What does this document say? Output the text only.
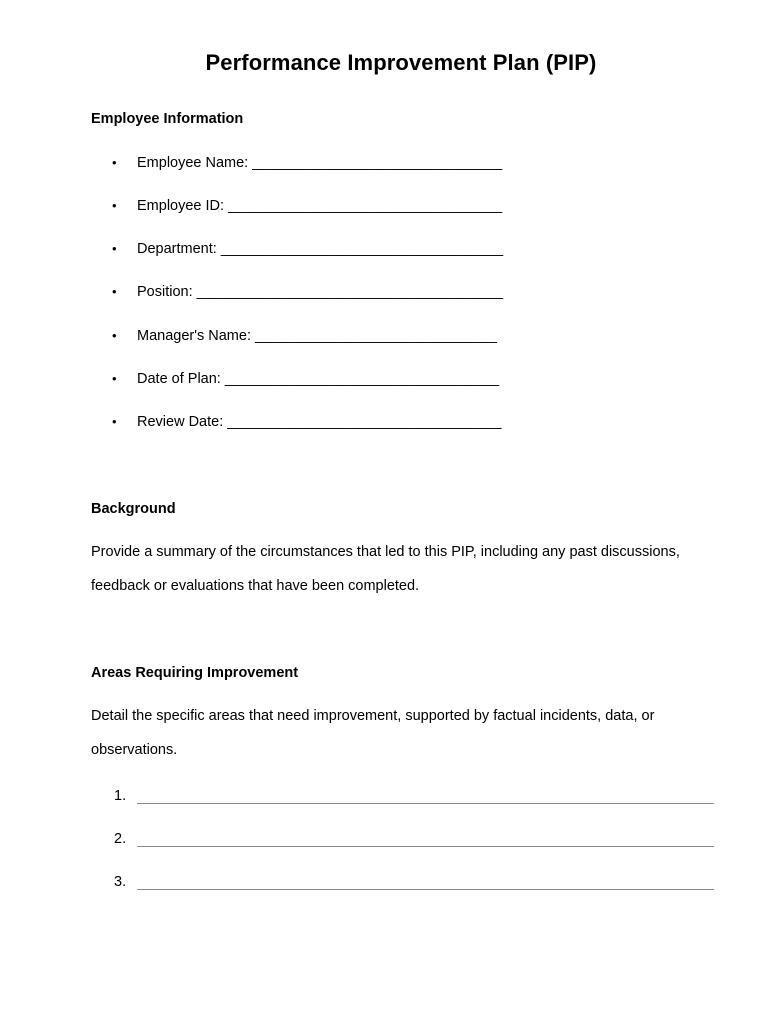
Performance Improvement Plan (PIP)
Employee Information
• Employee Name: _______________________________
• Employee ID: __________________________________
• Department: ___________________________________
• Position: ______________________________________
• Manager's Name: ______________________________
• Date of Plan: __________________________________
• Review Date: __________________________________
Background
Provide a summary of the circumstances that led to this PIP, including any past discussions, feedback or evaluations that have been completed.
Areas Requiring Improvement
Detail the specific areas that need improvement, supported by factual incidents, data, or observations.
1.
2.
3.
